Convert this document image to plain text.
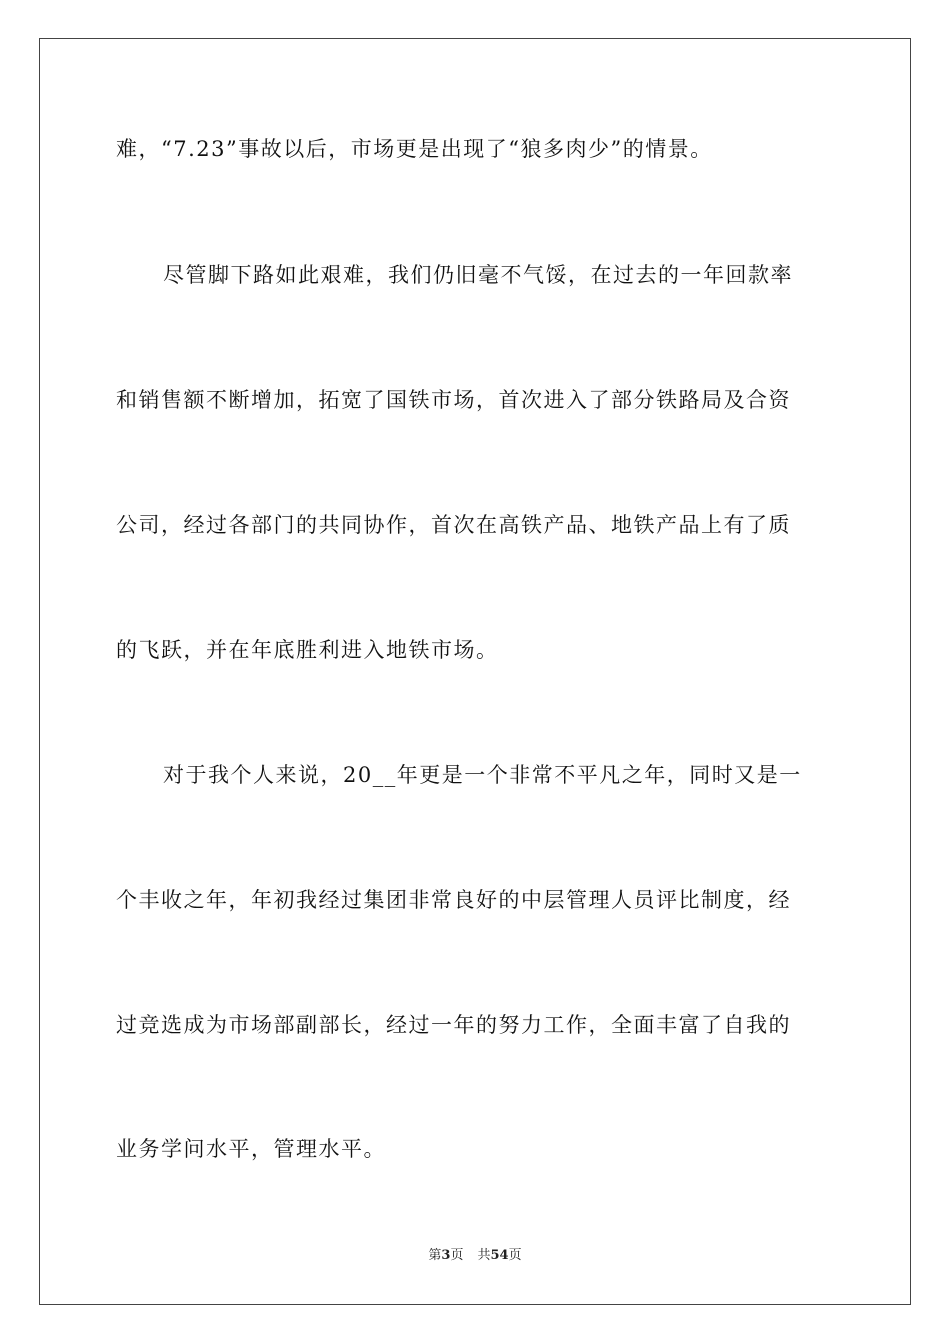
难，“7.23”事故以后，市场更是出现了“狼多肉少”的情景。
尽管脚下路如此艰难，我们仍旧毫不气馁，在过去的一年回款率
和销售额不断增加，拓宽了国铁市场，首次进入了部分铁路局及合资
公司，经过各部门的共同协作，首次在高铁产品、地铁产品上有了质
的飞跃，并在年底胜利进入地铁市场。
对于我个人来说，20__年更是一个非常不平凡之年，同时又是一
个丰收之年，年初我经过集团非常良好的中层管理人员评比制度，经
过竞选成为市场部副部长，经过一年的努力工作，全面丰富了自我的
业务学问水平，管理水平。
第3页 共54页
